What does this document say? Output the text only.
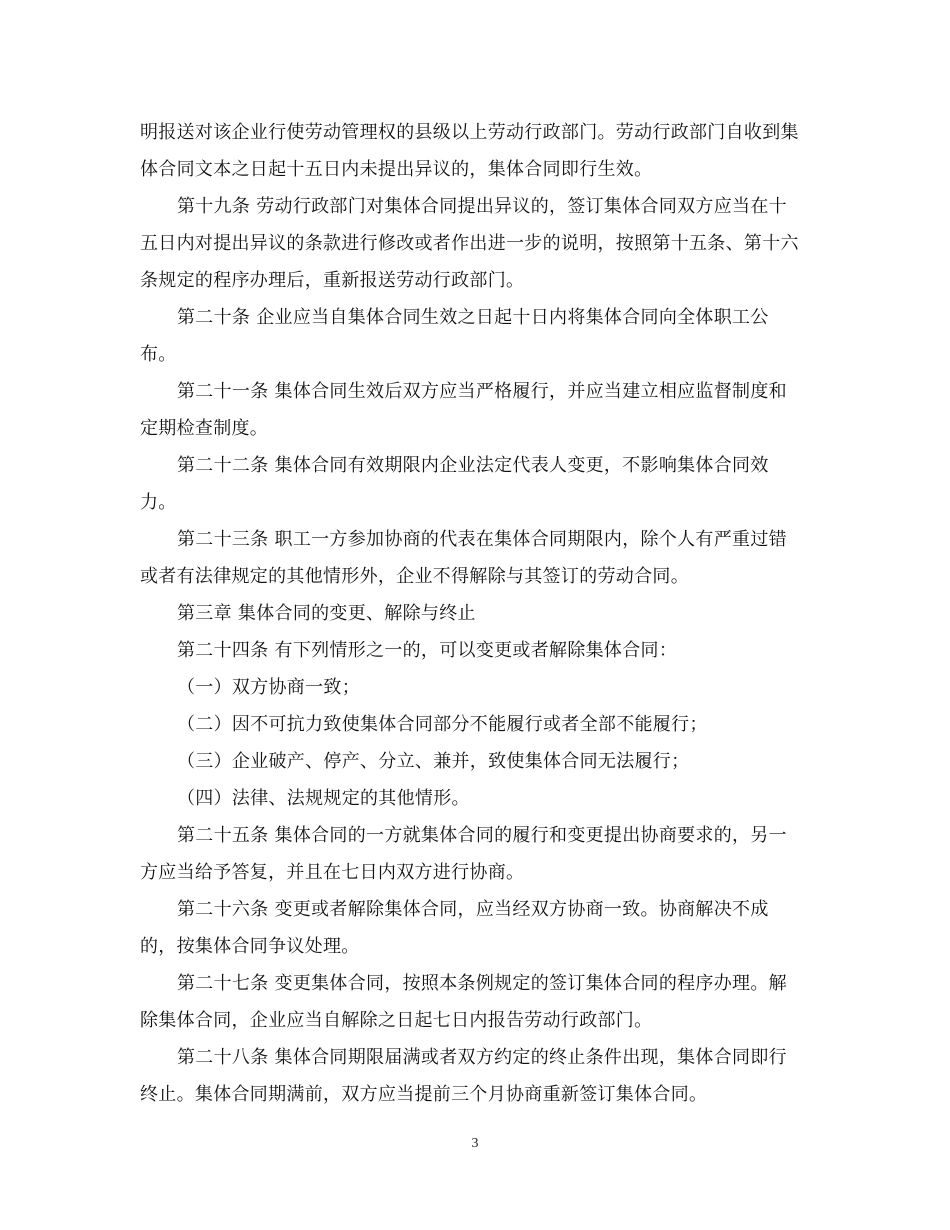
明报送对该企业行使劳动管理权的县级以上劳动行政部门。劳动行政部门自收到集
体合同文本之日起十五日内未提出异议的，集体合同即行生效。
第十九条 劳动行政部门对集体合同提出异议的，签订集体合同双方应当在十
五日内对提出异议的条款进行修改或者作出进一步的说明，按照第十五条、第十六
条规定的程序办理后，重新报送劳动行政部门。
第二十条 企业应当自集体合同生效之日起十日内将集体合同向全体职工公
布。
第二十一条 集体合同生效后双方应当严格履行，并应当建立相应监督制度和
定期检查制度。
第二十二条 集体合同有效期限内企业法定代表人变更，不影响集体合同效
力。
第二十三条 职工一方参加协商的代表在集体合同期限内，除个人有严重过错
或者有法律规定的其他情形外，企业不得解除与其签订的劳动合同。
第三章 集体合同的变更、解除与终止
第二十四条 有下列情形之一的，可以变更或者解除集体合同：
（一）双方协商一致；
（二）因不可抗力致使集体合同部分不能履行或者全部不能履行；
（三）企业破产、停产、分立、兼并，致使集体合同无法履行；
（四）法律、法规规定的其他情形。
第二十五条 集体合同的一方就集体合同的履行和变更提出协商要求的，另一
方应当给予答复，并且在七日内双方进行协商。
第二十六条 变更或者解除集体合同，应当经双方协商一致。协商解决不成
的，按集体合同争议处理。
第二十七条 变更集体合同，按照本条例规定的签订集体合同的程序办理。解
除集体合同，企业应当自解除之日起七日内报告劳动行政部门。
第二十八条 集体合同期限届满或者双方约定的终止条件出现，集体合同即行
终止。集体合同期满前，双方应当提前三个月协商重新签订集体合同。
3
